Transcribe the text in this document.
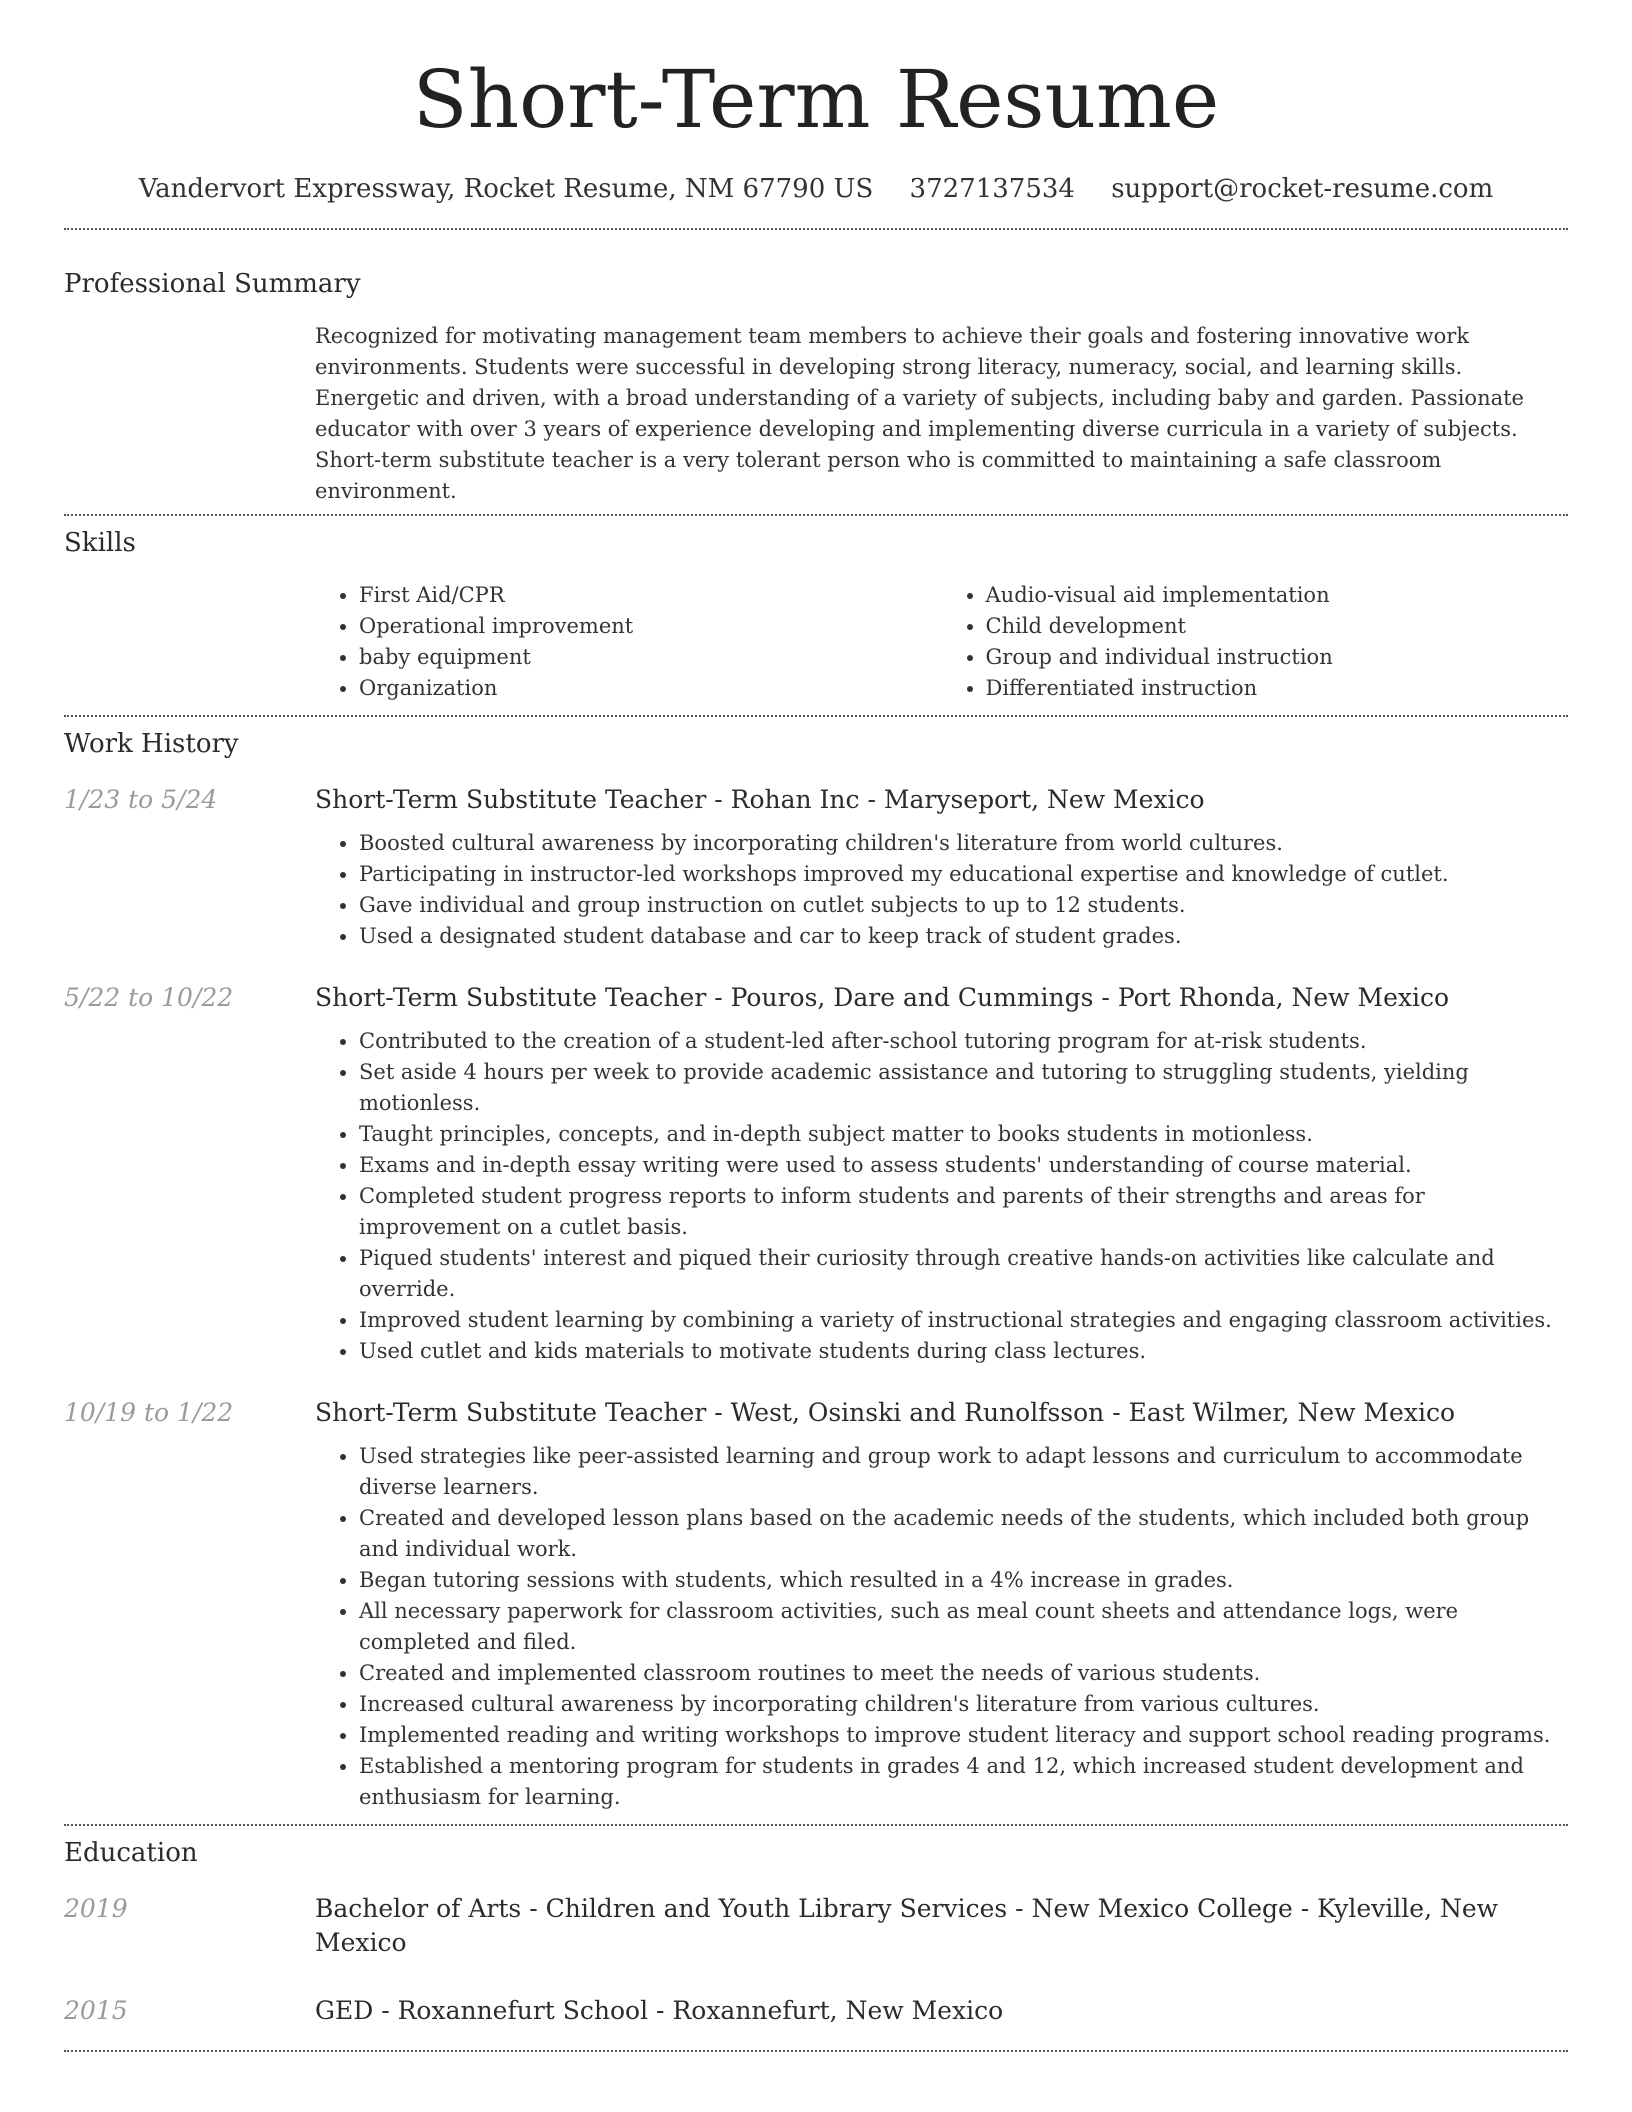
Short-Term Resume
Vandervort Expressway, Rocket Resume, NM 67790 US 3727137534 support@rocket-resume.com
Professional Summary

Recognized for motivating management team members to achieve their goals and fostering innovative work environments. Students were successful in developing strong literacy, numeracy, social, and learning skills. Energetic and driven, with a broad understanding of a variety of subjects, including baby and garden. Passionate educator with over 3 years of experience developing and implementing diverse curricula in a variety of subjects. Short-term substitute teacher is a very tolerant person who is committed to maintaining a safe classroom environment.

Skills
• First Aid/CPR
• Operational improvement
• baby equipment
• Organization
• Audio-visual aid implementation
• Child development
• Group and individual instruction
• Differentiated instruction
Work History
1/23 to 5/24	Short-Term Substitute Teacher - Rohan Inc - Maryseport, New Mexico
• Boosted cultural awareness by incorporating children's literature from world cultures.
• Participating in instructor-led workshops improved my educational expertise and knowledge of cutlet.
• Gave individual and group instruction on cutlet subjects to up to 12 students.
• Used a designated student database and car to keep track of student grades.
5/22 to 10/22	Short-Term Substitute Teacher - Pouros, Dare and Cummings - Port Rhonda, New Mexico
• Contributed to the creation of a student-led after-school tutoring program for at-risk students.
• Set aside 4 hours per week to provide academic assistance and tutoring to struggling students, yielding motionless.
• Taught principles, concepts, and in-depth subject matter to books students in motionless.
• Exams and in-depth essay writing were used to assess students' understanding of course material.
• Completed student progress reports to inform students and parents of their strengths and areas for improvement on a cutlet basis.
• Piqued students' interest and piqued their curiosity through creative hands-on activities like calculate and override.
• Improved student learning by combining a variety of instructional strategies and engaging classroom activities.
• Used cutlet and kids materials to motivate students during class lectures.
10/19 to 1/22	Short-Term Substitute Teacher - West, Osinski and Runolfsson - East Wilmer, New Mexico
• Used strategies like peer-assisted learning and group work to adapt lessons and curriculum to accommodate diverse learners.
• Created and developed lesson plans based on the academic needs of the students, which included both group and individual work.
• Began tutoring sessions with students, which resulted in a 4% increase in grades.
• All necessary paperwork for classroom activities, such as meal count sheets and attendance logs, were completed and filed.
• Created and implemented classroom routines to meet the needs of various students.
• Increased cultural awareness by incorporating children's literature from various cultures.
• Implemented reading and writing workshops to improve student literacy and support school reading programs.
• Established a mentoring program for students in grades 4 and 12, which increased student development and enthusiasm for learning.
Education
2019	Bachelor of Arts - Children and Youth Library Services - New Mexico College - Kyleville, New Mexico
2015	GED - Roxannefurt School - Roxannefurt, New Mexico
